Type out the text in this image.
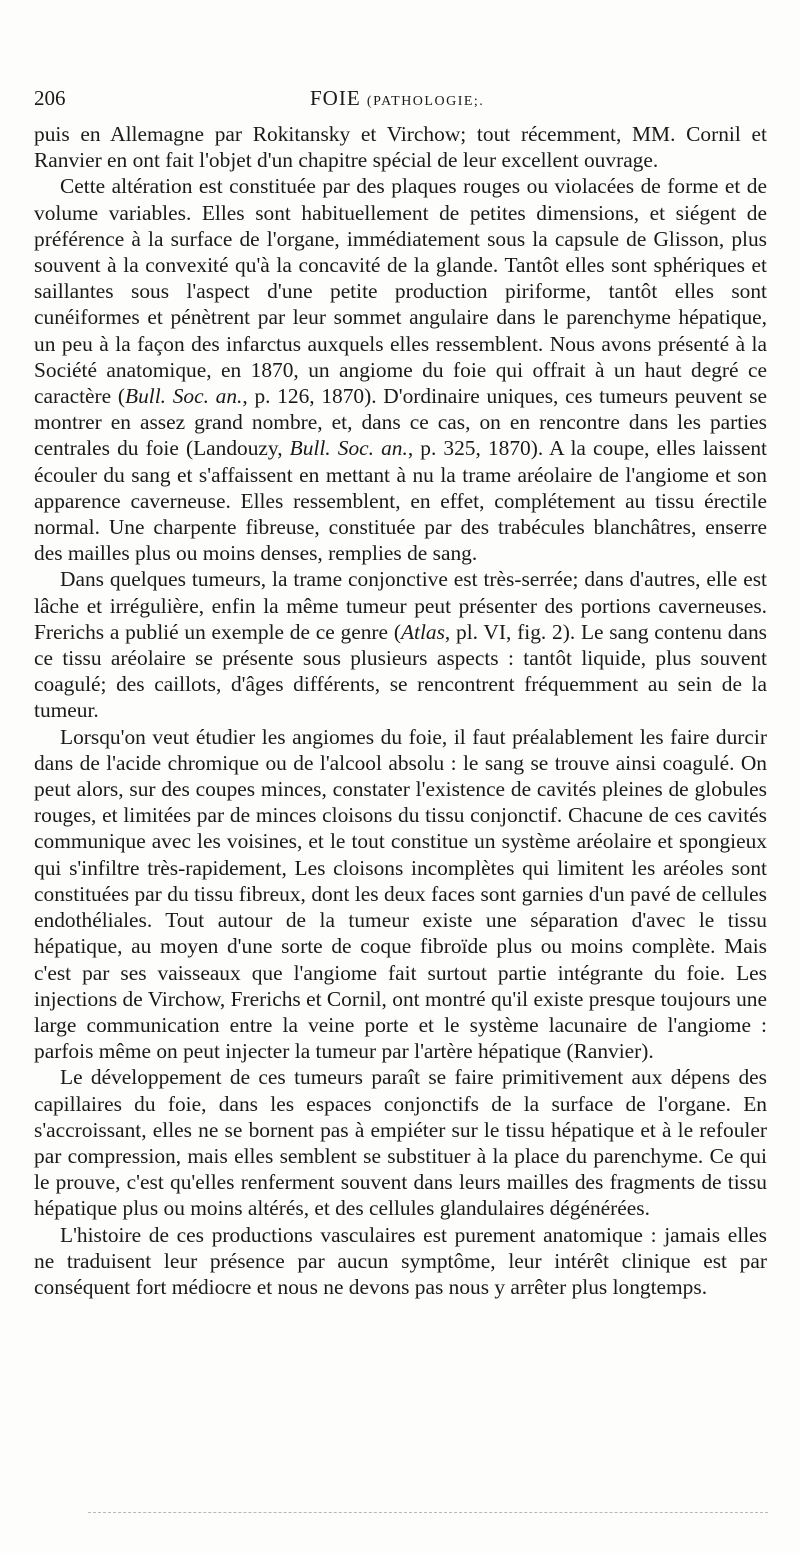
206	FOIE (PATHOLOGIE;.

puis en Allemagne par Rokitansky et Virchow; tout récemment, MM. Cornil et Ranvier en ont fait l'objet d'un chapitre spécial de leur excellent ouvrage.

Cette altération est constituée par des plaques rouges ou violacées de forme et de volume variables. Elles sont habituellement de petites dimensions, et siégent de préférence à la surface de l'organe, immédiatement sous la capsule de Glisson, plus souvent à la convexité qu'à la concavité de la glande. Tantôt elles sont sphériques et saillantes sous l'aspect d'une petite production piriforme, tantôt elles sont cunéiformes et pénètrent par leur sommet angulaire dans le parenchyme hépatique, un peu à la façon des infarctus auxquels elles ressemblent. Nous avons présenté à la Société anatomique, en 1870, un angiome du foie qui offrait à un haut degré ce caractère (Bull. Soc. an., p. 126, 1870). D'ordinaire uniques, ces tumeurs peuvent se montrer en assez grand nombre, et, dans ce cas, on en rencontre dans les parties centrales du foie (Landouzy, Bull. Soc. an., p. 325, 1870). A la coupe, elles laissent écouler du sang et s'affaissent en mettant à nu la trame aréolaire de l'angiome et son apparence caverneuse. Elles ressemblent, en effet, complétement au tissu érectile normal. Une charpente fibreuse, constituée par des trabécules blanchâtres, enserre des mailles plus ou moins denses, remplies de sang.

Dans quelques tumeurs, la trame conjonctive est très-serrée; dans d'autres, elle est lâche et irrégulière, enfin la même tumeur peut présenter des portions caverneuses. Frerichs a publié un exemple de ce genre (Atlas, pl. VI, fig. 2). Le sang contenu dans ce tissu aréolaire se présente sous plusieurs aspects : tantôt liquide, plus souvent coagulé; des caillots, d'âges différents, se rencontrent fréquemment au sein de la tumeur.

Lorsqu'on veut étudier les angiomes du foie, il faut préalablement les faire durcir dans de l'acide chromique ou de l'alcool absolu : le sang se trouve ainsi coagulé. On peut alors, sur des coupes minces, constater l'existence de cavités pleines de globules rouges, et limitées par de minces cloisons du tissu conjonctif. Chacune de ces cavités communique avec les voisines, et le tout constitue un système aréolaire et spongieux qui s'infiltre très-rapidement, Les cloisons incomplètes qui limitent les aréoles sont constituées par du tissu fibreux, dont les deux faces sont garnies d'un pavé de cellules endothéliales. Tout autour de la tumeur existe une séparation d'avec le tissu hépatique, au moyen d'une sorte de coque fibroïde plus ou moins complète. Mais c'est par ses vaisseaux que l'angiome fait surtout partie intégrante du foie. Les injections de Virchow, Frerichs et Cornil, ont montré qu'il existe presque toujours une large communication entre la veine porte et le système lacunaire de l'angiome : parfois même on peut injecter la tumeur par l'artère hépatique (Ranvier).

Le développement de ces tumeurs paraît se faire primitivement aux dépens des capillaires du foie, dans les espaces conjonctifs de la surface de l'organe. En s'accroissant, elles ne se bornent pas à empiéter sur le tissu hépatique et à le refouler par compression, mais elles semblent se substituer à la place du parenchyme. Ce qui le prouve, c'est qu'elles renferment souvent dans leurs mailles des fragments de tissu hépatique plus ou moins altérés, et des cellules glandulaires dégénérées.

L'histoire de ces productions vasculaires est purement anatomique : jamais elles ne traduisent leur présence par aucun symptôme, leur intérêt clinique est par conséquent fort médiocre et nous ne devons pas nous y arrêter plus longtemps.
